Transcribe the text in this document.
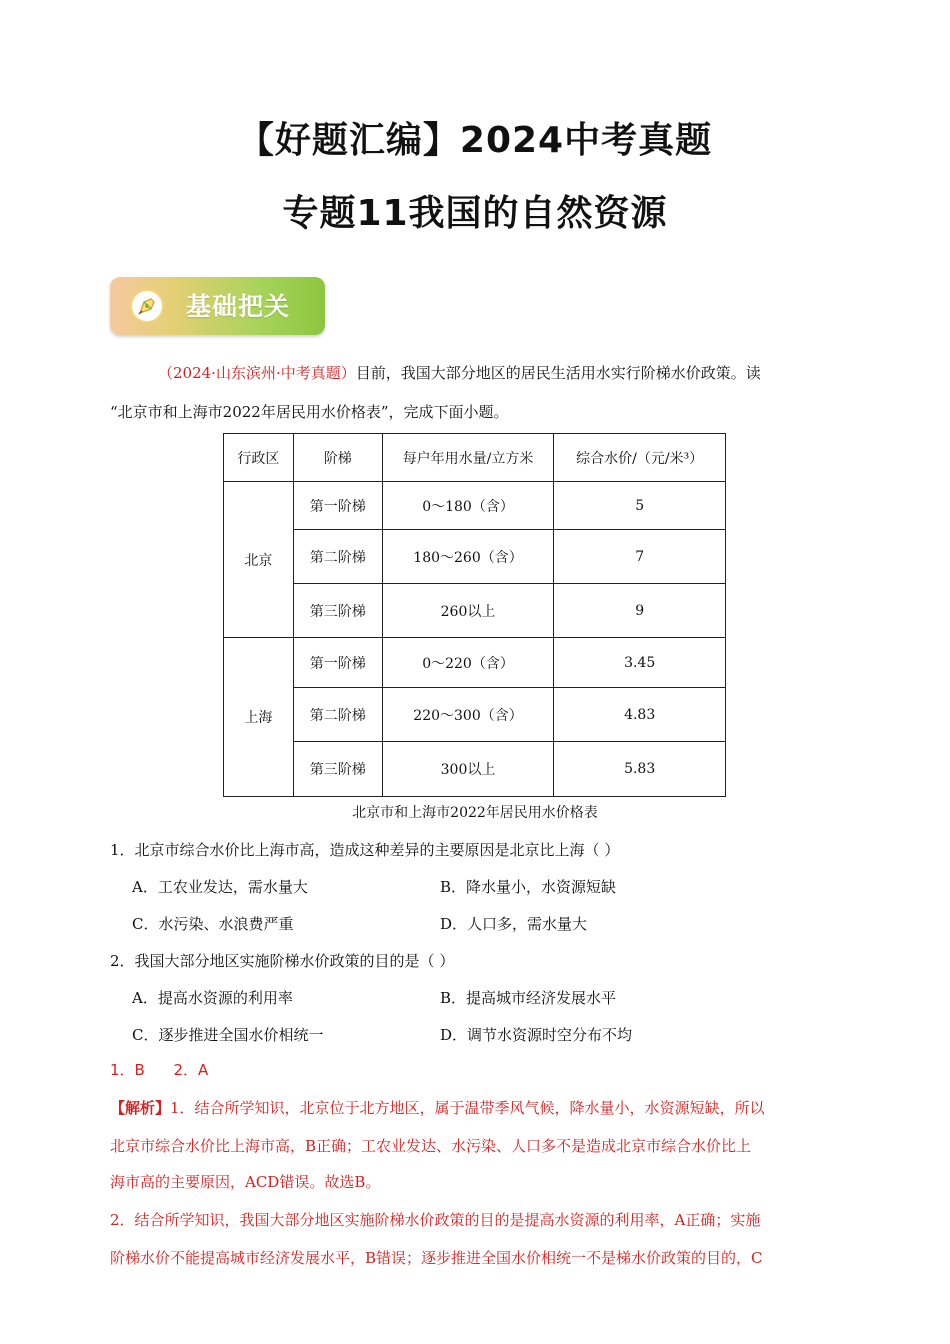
【好题汇编】2024中考真题
专题11我国的自然资源
基础把关
（2024·山东滨州·中考真题）目前，我国大部分地区的居民生活用水实行阶梯水价政策。读
“北京市和上海市2022年居民用水价格表”，完成下面小题。
行政区	阶梯	每户年用水量/立方米	综合水价/（元/米³）
北京	第一阶梯	0～180（含）	5
	第二阶梯	180～260（含）	7
	第三阶梯	260以上	9
上海	第一阶梯	0～220（含）	3.45
	第二阶梯	220～300（含）	4.83
	第三阶梯	300以上	5.83
北京市和上海市2022年居民用水价格表
1．北京市综合水价比上海市高，造成这种差异的主要原因是北京比上海（ ）
A．工农业发达，需水量大	B．降水量小，水资源短缺
C．水污染、水浪费严重	D．人口多，需水量大
2．我国大部分地区实施阶梯水价政策的目的是（ ）
A．提高水资源的利用率	B．提高城市经济发展水平
C．逐步推进全国水价相统一	D．调节水资源时空分布不均
1．B      2．A
【解析】1．结合所学知识，北京位于北方地区，属于温带季风气候，降水量小，水资源短缺，所以
北京市综合水价比上海市高，B正确；工农业发达、水污染、人口多不是造成北京市综合水价比上
海市高的主要原因，ACD错误。故选B。
2．结合所学知识，我国大部分地区实施阶梯水价政策的目的是提高水资源的利用率，A正确；实施
阶梯水价不能提高城市经济发展水平，B错误；逐步推进全国水价相统一不是梯水价政策的目的，C
